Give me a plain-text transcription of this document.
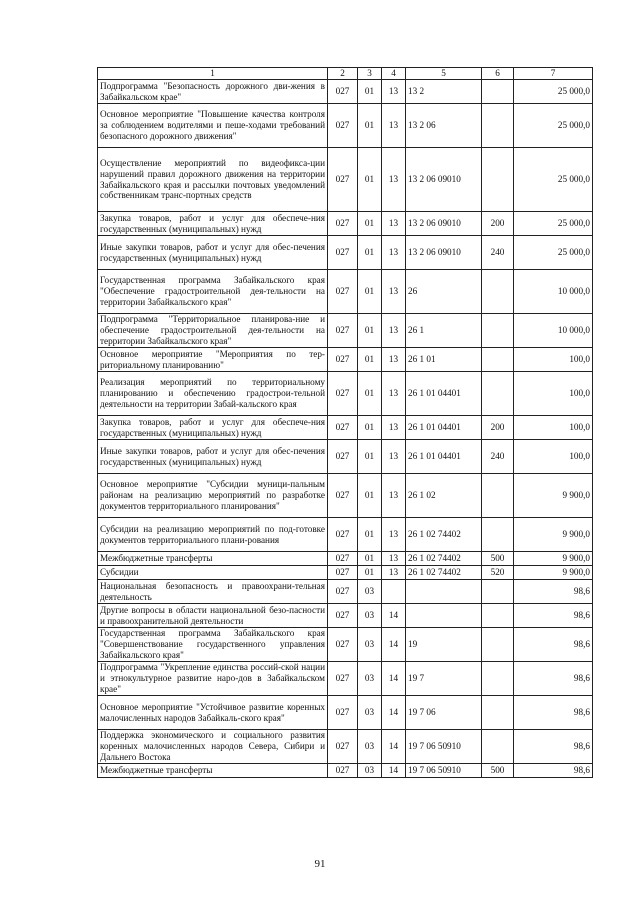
1	2	3	4	5	6	7
Подпрограмма "Безопасность дорожного дви-жения в Забайкальском крае"	027	01	13	13 2		25 000,0
Основное мероприятие "Повышение качества контроля за соблюдением водителями и пеше-ходами требований безопасного дорожного движения"	027	01	13	13 2 06		25 000,0
Осуществление мероприятий по видеофикса-ции нарушений правил дорожного движения на территории Забайкальского края и рассылки почтовых уведомлений собственникам транс-портных средств	027	01	13	13 2 06 09010		25 000,0
Закупка товаров, работ и услуг для обеспече-ния государственных (муниципальных) нужд	027	01	13	13 2 06 09010	200	25 000,0
Иные закупки товаров, работ и услуг для обес-печения государственных (муниципальных) нужд	027	01	13	13 2 06 09010	240	25 000,0
Государственная программа Забайкальского края "Обеспечение градостроительной дея-тельности на территории Забайкальского края"	027	01	13	26		10 000,0
Подпрограмма "Территориальное планирова-ние и обеспечение градостроительной дея-тельности на территории Забайкальского края"	027	01	13	26 1		10 000,0
Основное мероприятие "Мероприятия по тер-риториальному планированию"	027	01	13	26 1 01		100,0
Реализация мероприятий по территориальному планированию и обеспечению градострои-тельной деятельности на территории Забай-кальского края	027	01	13	26 1 01 04401		100,0
Закупка товаров, работ и услуг для обеспече-ния государственных (муниципальных) нужд	027	01	13	26 1 01 04401	200	100,0
Иные закупки товаров, работ и услуг для обес-печения государственных (муниципальных) нужд	027	01	13	26 1 01 04401	240	100,0
Основное мероприятие "Субсидии муници-пальным районам на реализацию мероприятий по разработке документов территориального планирования"	027	01	13	26 1 02		9 900,0
Субсидии на реализацию мероприятий по под-готовке документов территориального плани-рования	027	01	13	26 1 02 74402		9 900,0
Межбюджетные трансферты	027	01	13	26 1 02 74402	500	9 900,0
Субсидии	027	01	13	26 1 02 74402	520	9 900,0
Национальная безопасность и правоохрани-тельная деятельность	027	03				98,6
Другие вопросы в области национальной безо-пасности и правоохранительной деятельности	027	03	14			98,6
Государственная программа Забайкальского края "Совершенствование государственного управления Забайкальского края"	027	03	14	19		98,6
Подпрограмма "Укрепление единства россий-ской нации и этнокультурное развитие наро-дов в Забайкальском крае"	027	03	14	19 7		98,6
Основное мероприятие "Устойчивое развитие коренных малочисленных народов Забайкаль-ского края"	027	03	14	19 7 06		98,6
Поддержка экономического и социального развития коренных малочисленных народов Севера, Сибири и Дальнего Востока	027	03	14	19 7 06 50910		98,6
Межбюджетные трансферты	027	03	14	19 7 06 50910	500	98,6
91
